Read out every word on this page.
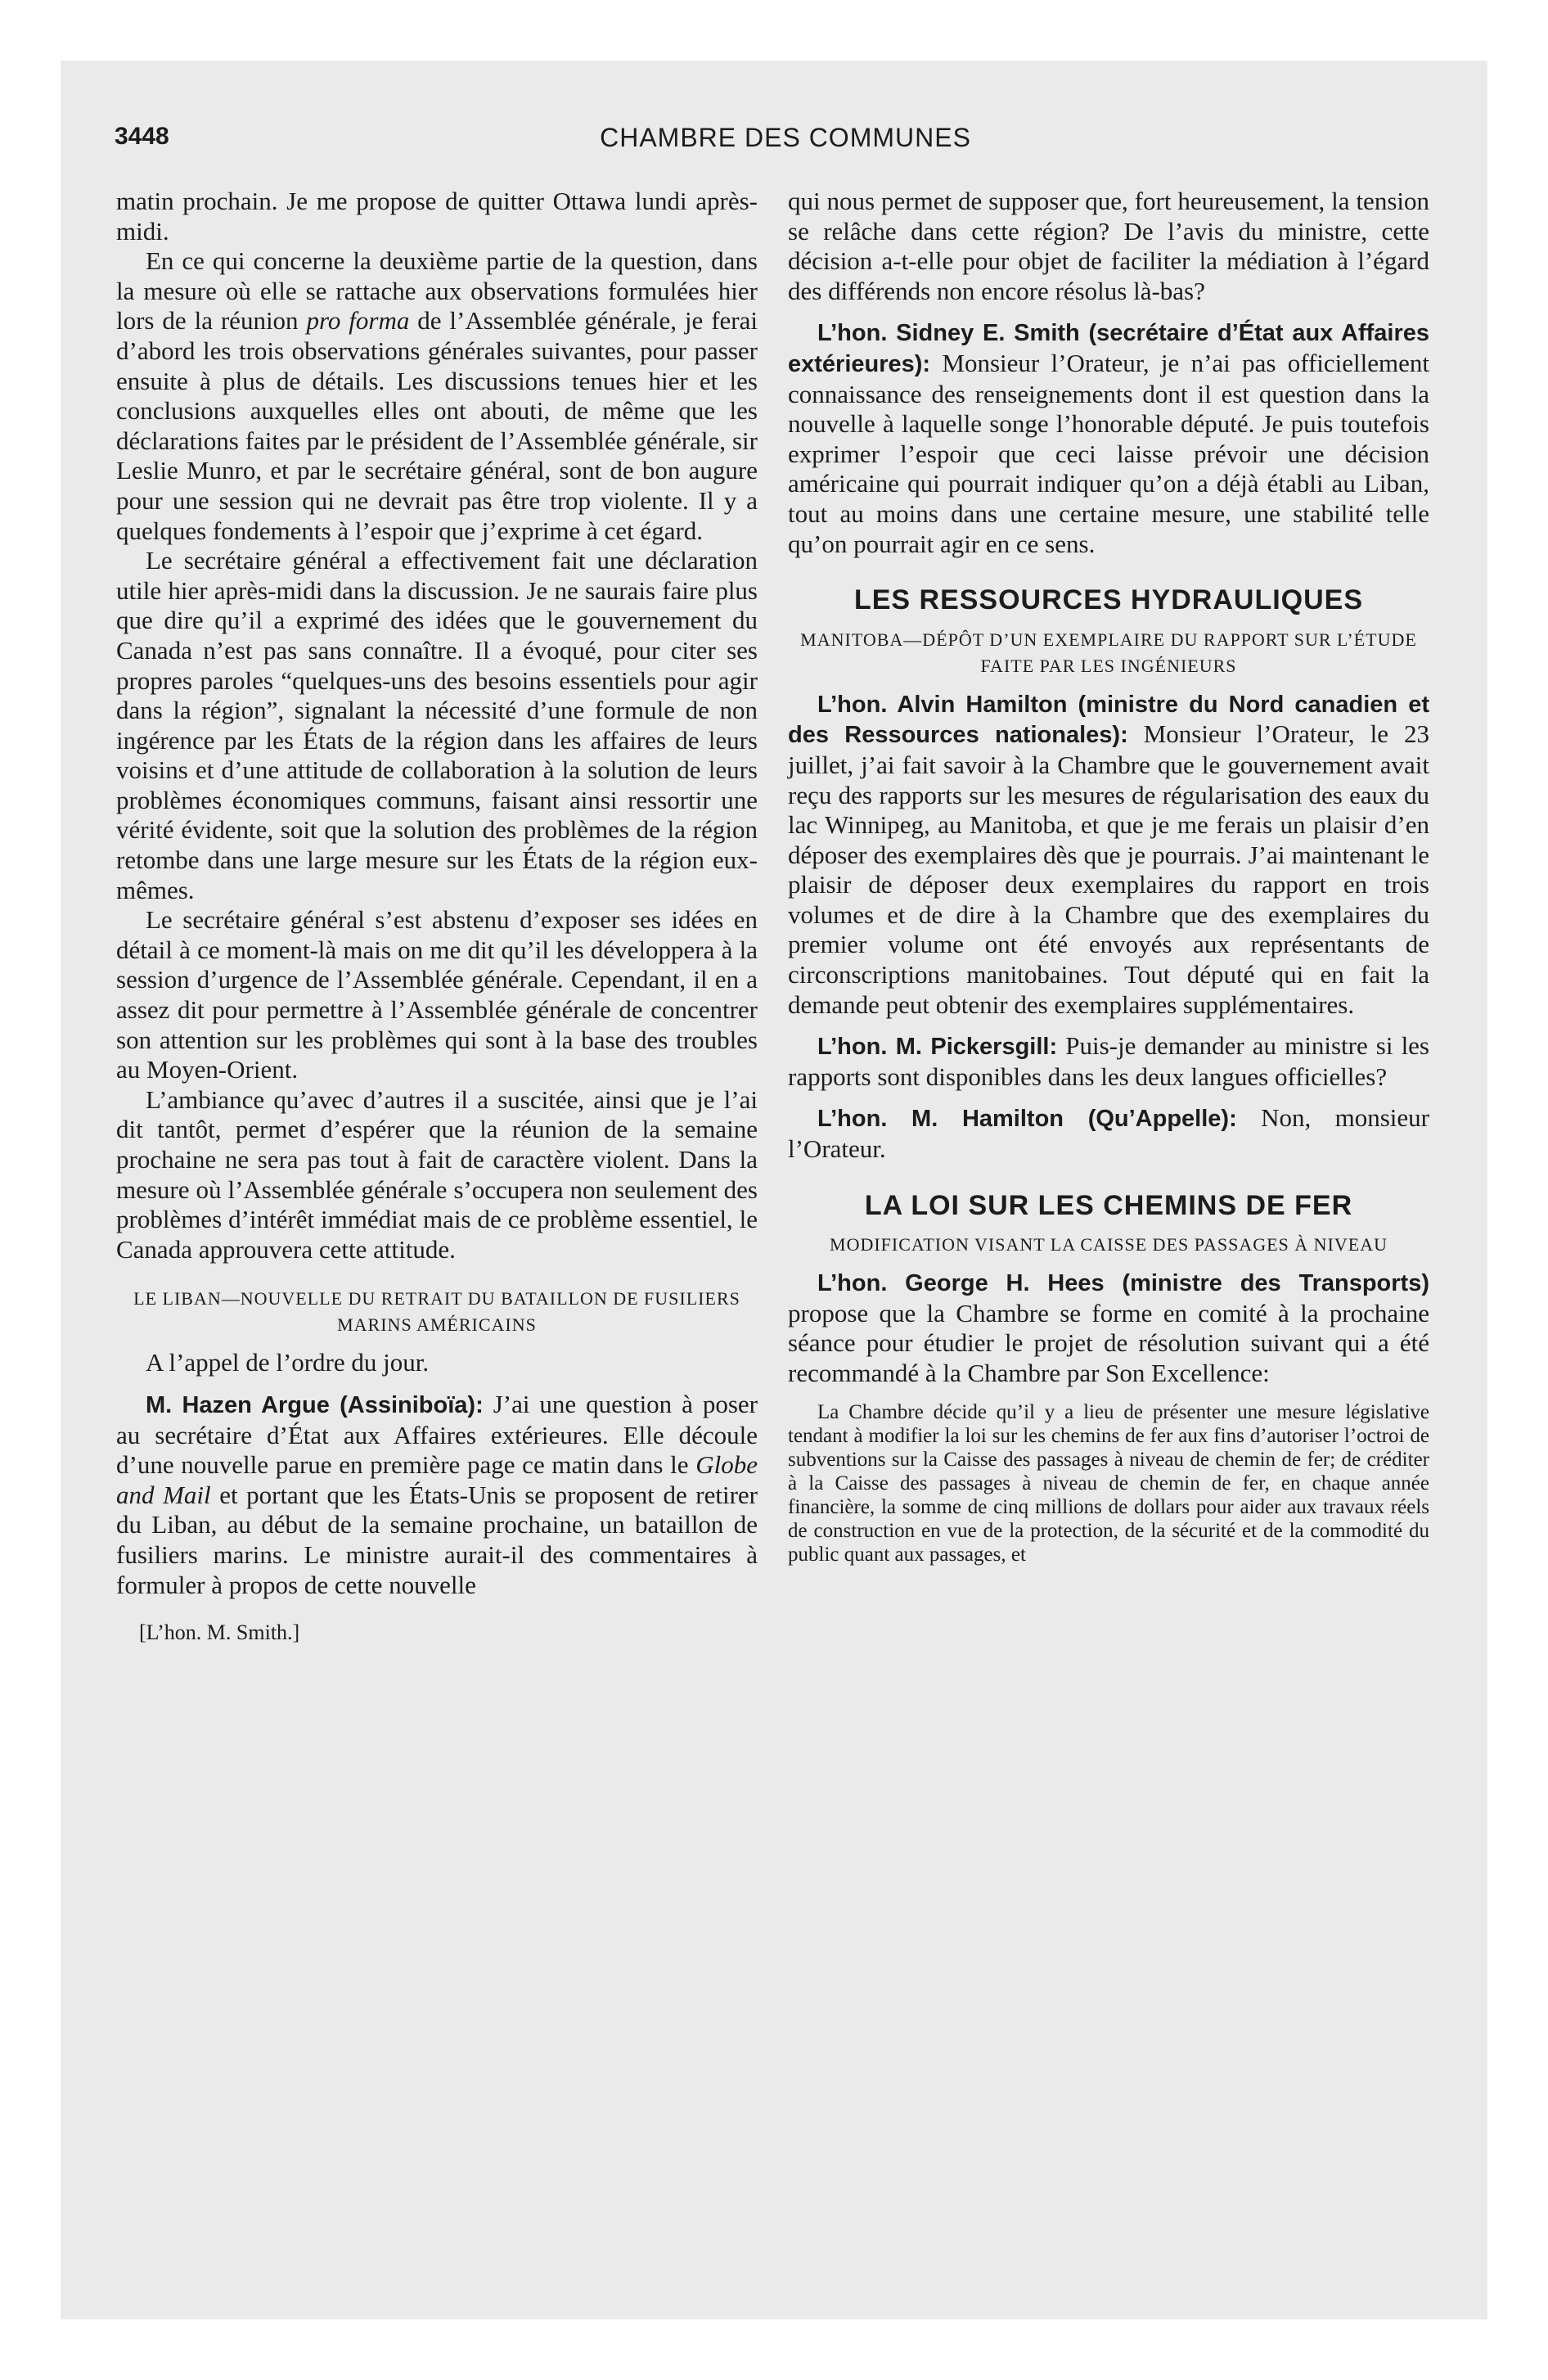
3448	CHAMBRE DES COMMUNES

matin prochain. Je me propose de quitter Ottawa lundi après-midi.

En ce qui concerne la deuxième partie de la question, dans la mesure où elle se rattache aux observations formulées hier lors de la réunion pro forma de l’Assemblée générale, je ferai d’abord les trois observations générales suivantes, pour passer ensuite à plus de détails. Les discussions tenues hier et les conclusions auxquelles elles ont abouti, de même que les déclarations faites par le président de l’Assemblée générale, sir Leslie Munro, et par le secrétaire général, sont de bon augure pour une session qui ne devrait pas être trop violente. Il y a quelques fondements à l’espoir que j’exprime à cet égard.

Le secrétaire général a effectivement fait une déclaration utile hier après-midi dans la discussion. Je ne saurais faire plus que dire qu’il a exprimé des idées que le gouvernement du Canada n’est pas sans connaître. Il a évoqué, pour citer ses propres paroles “quelques-uns des besoins essentiels pour agir dans la région”, signalant la nécessité d’une formule de non ingérence par les États de la région dans les affaires de leurs voisins et d’une attitude de collaboration à la solution de leurs problèmes économiques communs, faisant ainsi ressortir une vérité évidente, soit que la solution des problèmes de la région retombe dans une large mesure sur les États de la région eux-mêmes.

Le secrétaire général s’est abstenu d’exposer ses idées en détail à ce moment-là mais on me dit qu’il les développera à la session d’urgence de l’Assemblée générale. Cependant, il en a assez dit pour permettre à l’Assemblée générale de concentrer son attention sur les problèmes qui sont à la base des troubles au Moyen-Orient.

L’ambiance qu’avec d’autres il a suscitée, ainsi que je l’ai dit tantôt, permet d’espérer que la réunion de la semaine prochaine ne sera pas tout à fait de caractère violent. Dans la mesure où l’Assemblée générale s’occupera non seulement des problèmes d’intérêt immédiat mais de ce problème essentiel, le Canada approuvera cette attitude.

LE LIBAN—NOUVELLE DU RETRAIT DU BATAILLON DE FUSILIERS MARINS AMÉRICAINS

A l’appel de l’ordre du jour.

M. Hazen Argue (Assiniboïa): J’ai une question à poser au secrétaire d’État aux Affaires extérieures. Elle découle d’une nouvelle parue en première page ce matin dans le Globe and Mail et portant que les États-Unis se proposent de retirer du Liban, au début de la semaine prochaine, un bataillon de fusiliers marins. Le ministre aurait-il des commentaires à formuler à propos de cette nouvelle

[L’hon. M. Smith.]

qui nous permet de supposer que, fort heureusement, la tension se relâche dans cette région? De l’avis du ministre, cette décision a-t-elle pour objet de faciliter la médiation à l’égard des différends non encore résolus là-bas?

L’hon. Sidney E. Smith (secrétaire d’État aux Affaires extérieures): Monsieur l’Orateur, je n’ai pas officiellement connaissance des renseignements dont il est question dans la nouvelle à laquelle songe l’honorable député. Je puis toutefois exprimer l’espoir que ceci laisse prévoir une décision américaine qui pourrait indiquer qu’on a déjà établi au Liban, tout au moins dans une certaine mesure, une stabilité telle qu’on pourrait agir en ce sens.

LES RESSOURCES HYDRAULIQUES
MANITOBA—DÉPÔT D’UN EXEMPLAIRE DU RAPPORT SUR L’ÉTUDE FAITE PAR LES INGÉNIEURS

L’hon. Alvin Hamilton (ministre du Nord canadien et des Ressources nationales): Monsieur l’Orateur, le 23 juillet, j’ai fait savoir à la Chambre que le gouvernement avait reçu des rapports sur les mesures de régularisation des eaux du lac Winnipeg, au Manitoba, et que je me ferais un plaisir d’en déposer des exemplaires dès que je pourrais. J’ai maintenant le plaisir de déposer deux exemplaires du rapport en trois volumes et de dire à la Chambre que des exemplaires du premier volume ont été envoyés aux représentants de circonscriptions manitobaines. Tout député qui en fait la demande peut obtenir des exemplaires supplémentaires.

L’hon. M. Pickersgill: Puis-je demander au ministre si les rapports sont disponibles dans les deux langues officielles?

L’hon. M. Hamilton (Qu’Appelle): Non, monsieur l’Orateur.

LA LOI SUR LES CHEMINS DE FER
MODIFICATION VISANT LA CAISSE DES PASSAGES À NIVEAU

L’hon. George H. Hees (ministre des Transports) propose que la Chambre se forme en comité à la prochaine séance pour étudier le projet de résolution suivant qui a été recommandé à la Chambre par Son Excellence:

La Chambre décide qu’il y a lieu de présenter une mesure législative tendant à modifier la loi sur les chemins de fer aux fins d’autoriser l’octroi de subventions sur la Caisse des passages à niveau de chemin de fer; de créditer à la Caisse des passages à niveau de chemin de fer, en chaque année financière, la somme de cinq millions de dollars pour aider aux travaux réels de construction en vue de la protection, de la sécurité et de la commodité du public quant aux passages, et
